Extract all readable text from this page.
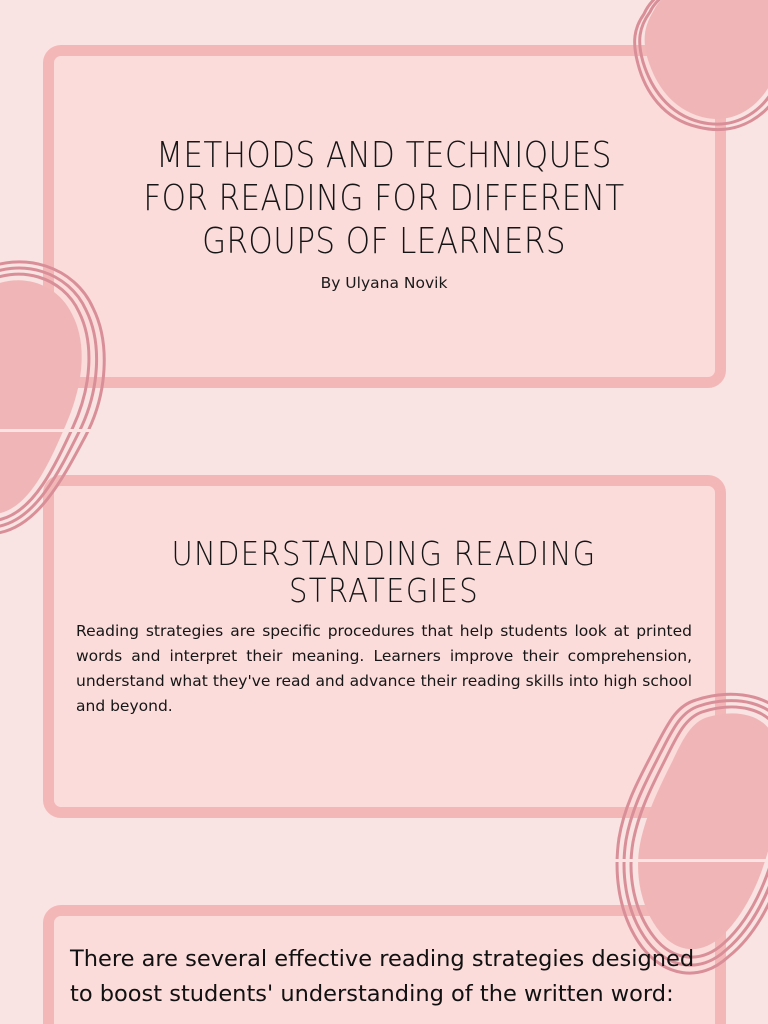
METHODS AND TECHNIQUES
FOR READING FOR DIFFERENT
GROUPS OF LEARNERS
By Ulyana Novik
UNDERSTANDING READING
STRATEGIES
Reading strategies are specific procedures that help students look at printed words and interpret their meaning. Learners improve their comprehension, understand what they've read and advance their reading skills into high school and beyond.
There are several effective reading strategies designed
to boost students' understanding of the written word:
